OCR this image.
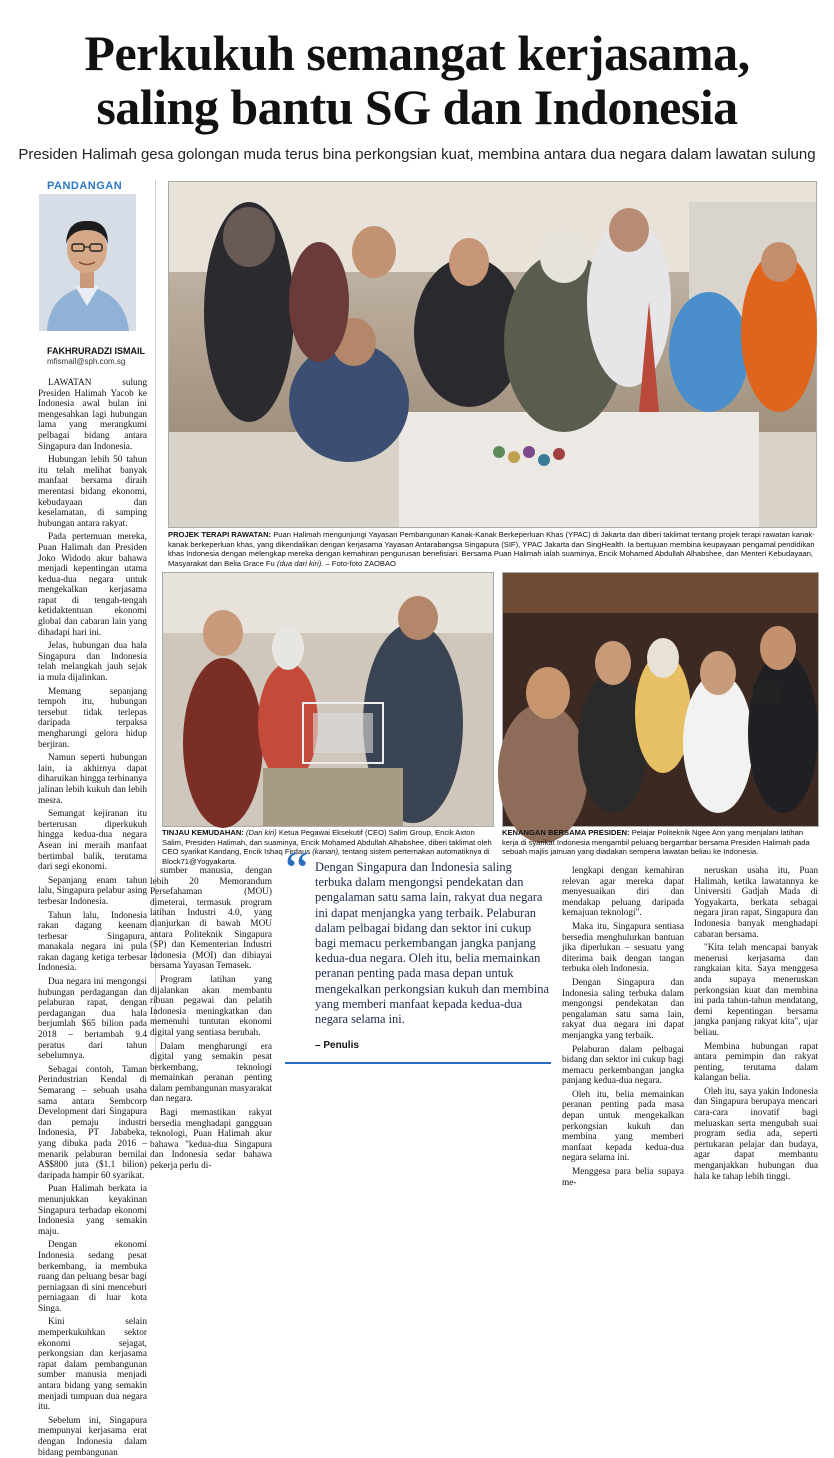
Perkukuh semangat kerjasama,
saling bantu SG dan Indonesia
Presiden Halimah gesa golongan muda terus bina perkongsian kuat, membina antara dua negara dalam lawatan sulung
PANDANGAN
FAKHRURADZI ISMAIL
mfismail@sph.com.sg

LAWATAN sulung Presiden Halimah Yacob ke Indonesia awal bulan ini mengesahkan lagi hubungan lama yang merangkumi pelbagai bidang antara Singapura dan Indonesia.

Hubungan lebih 50 tahun itu telah melihat banyak manfaat bersama diraih merentasi bidang ekonomi, kebudayaan dan keselamatan, di samping hubungan antara rakyat.

Pada pertemuan mereka, Puan Halimah dan Presiden Joko Widodo akur bahawa menjadi kepentingan utama kedua-dua negara untuk mengekalkan kerjasama rapat di tengah-tengah ketidaktentuan ekonomi global dan cabaran lain yang dihadapi hari ini.

Jelas, hubungan dua hala Singapura dan Indonesia telah melangkah jauh sejak ia mula dijalinkan.

Memang sepanjang tempoh itu, hubungan tersebut tidak terlepas daripada terpaksa mengharungi gelora hidup berjiran.

Namun seperti hubungan lain, ia akhirnya dapat diharuikan hingga terbinanya jalinan lebih kukuh dan lebih mesra.

Semangat kejiranan itu berterusan diperkukuh hingga kedua-dua negara Asean ini meraih manfaat bertimbal balik, terutama dari segi ekonomi.

Sepanjang enam tahun lalu, Singapura pelabur asing terbesar Indonesia.

Tahun lalu, Indonesia rakan dagang keenam terbesar Singapura, manakala negara ini pula rakan dagang ketiga terbesar Indonesia.

Dua negara ini mengongsi hubungan perdagangan dan pelaburan rapat, dengan perdagangan dua hala berjumlah $65 bilion pada 2018 – bertambah 9.4 peratus dari tahun sebelumnya.

Sebagai contoh, Taman Perindustrian Kendal di Semarang – sebuah usaha sama antara Sembcorp Development dari Singapura dan pemaju industri Indonesia, PT Jababeka, yang dibuka pada 2016 – menarik pelaburan bernilai A$$800 juta ($1.1 bilion) daripada hampir 60 syarikat.

Puan Halimah berkata ia menunjukkan keyakinan Singapura terhadap ekonomi Indonesia yang semakin maju.

Dengan ekonomi Indonesia sedang pesat berkembang, ia membuka ruang dan peluang besar bagi perniagaan di sini menceburi perniagaan di luar kota Singa.

Kini selain memperkukuhkan sektor ekonomi sejagat, perkongsian dan kerjasama rapat dalam pembangunan sumber manusia menjadi antara bidang yang semakin menjadi tumpuan dua negara itu.

Sebelum ini, Singapura mempunyai kerjasama erat dengan Indonesia dalam bidang pembangunan

PROJEK TERAPI RAWATAN: Puan Halimah mengunjungi Yayasan Pembangunan Kanak-Kanak Berkeperluan Khas (YPAC) di Jakarta dan diberi taklimat tentang projek terapi rawatan kanak-kanak berkeperluan khas, yang dikendalikan dengan kerjasama Yayasan Antarabangsa Singapura (SIF), YPAC Jakarta dan SingHealth. Ia bertujuan membina keupayaan pengamal pendidikan khas Indonesia dengan melengkap mereka dengan kemahiran pengurusan benefisiari. Bersama Puan Halimah ialah suaminya, Encik Mohamed Abdullah Alhabshee, dan Menteri Kebudayaan, Masyarakat dan Belia Grace Fu (dua dari kiri). – Foto-foto ZAOBAO
TINJAU KEMUDAHAN: (Dari kiri) Ketua Pegawai Eksekutif (CEO) Salim Group, Encik Axton Salim, Presiden Halimah, dan suaminya, Encik Mohamed Abdullah Alhabshee, diberi taklimat oleh CEO syarikat Kandang, Encik Ishaq Firdaus (kanan), tentang sistem perternakan automatiknya di Block71@Yogyakarta.
KENANGAN BERSAMA PRESIDEN: Pelajar Politeknik Ngee Ann yang menjalani latihan kerja di syarikat Indonesia mengambil peluang bergambar bersama Presiden Halimah pada sebuah majlis jamuan yang diadakan sempena lawatan beliau ke Indonesia.

sumber manusia, dengan lebih 20 Memorandum Persefahaman (MOU) dimeterai, termasuk program latihan Industri 4.0, yang dianjurkan di bawah MOU antara Politeknik Singapura (SP) dan Kementerian Industri Indonesia (MOI) dan dibiayai bersama Yayasan Temasek.

Program latihan yang dijalankan akan membantu ribuan pegawai dan pelatih Indonesia meningkatkan dan memenuhi tuntutan ekonomi digital yang sentiasa berubah.

Dalam mengharungi era digital yang semakin pesat berkembang, teknologi memainkan peranan penting dalam pembangunan masyarakat dan negara.

Bagi memastikan rakyat bersedia menghadapi gangguan teknologi, Puan Halimah akur bahawa "kedua-dua Singapura dan Indonesia sedar bahawa pekerja perlu di-

“ Dengan Singapura dan Indonesia saling terbuka dalam mengongsi pendekatan dan pengalaman satu sama lain, rakyat dua negara ini dapat menjangka yang terbaik. Pelaburan dalam pelbagai bidang dan sektor ini cukup bagi memacu perkembangan jangka panjang kedua-dua negara. Oleh itu, belia memainkan peranan penting pada masa depan untuk mengekalkan perkongsian kukuh dan membina yang memberi manfaat kepada kedua-dua negara selama ini.
– Penulis

lengkapi dengan kemahiran relevan agar mereka dapat menyesuaikan diri dan mendakap peluang daripada kemajuan teknologi".

Maka itu, Singapura sentiasa bersedia menghulurkan bantuan jika diperlukan – sesuatu yang diterima baik dengan tangan terbuka oleh Indonesia.

Dengan Singapura dan Indonesia saling terbuka dalam mengongsi pendekatan dan pengalaman satu sama lain, rakyat dua negara ini dapat menjangka yang terbaik.

Pelaburan dalam pelbagai bidang dan sektor ini cukup bagi memacu perkembangan jangka panjang kedua-dua negara.

Oleh itu, belia memainkan peranan penting pada masa depan untuk mengekalkan perkongsian kukuh dan membina yang memberi manfaat kepada kedua-dua negara selama ini.

Menggesa para belia supaya me-

neruskan usaha itu, Puan Halimah, ketika lawatannya ke Universiti Gadjah Mada di Yogyakarta, berkata sebagai negara jiran rapat, Singapura dan Indonesia banyak menghadapi cabaran bersama.

"Kita telah mencapai banyak menerusi kerjasama dan rangkaian kita. Saya menggesa anda supaya meneruskan perkongsian kuat dan membina ini pada tahun-tahun mendatang, demi kepentingan bersama jangka panjang rakyat kita", ujar beliau.

Membina hubungan rapat antara pemimpin dan rakyat penting, terutama dalam kalangan belia.

Oleh itu, saya yakin Indonesia dan Singapura berupaya mencari cara-cara inovatif bagi meluaskan serta mengubah suai program sedia ada, seperti pertukaran pelajar dan budaya, agar dapat membantu menganjakkan hubungan dua hala ke tahap lebih tinggi.
